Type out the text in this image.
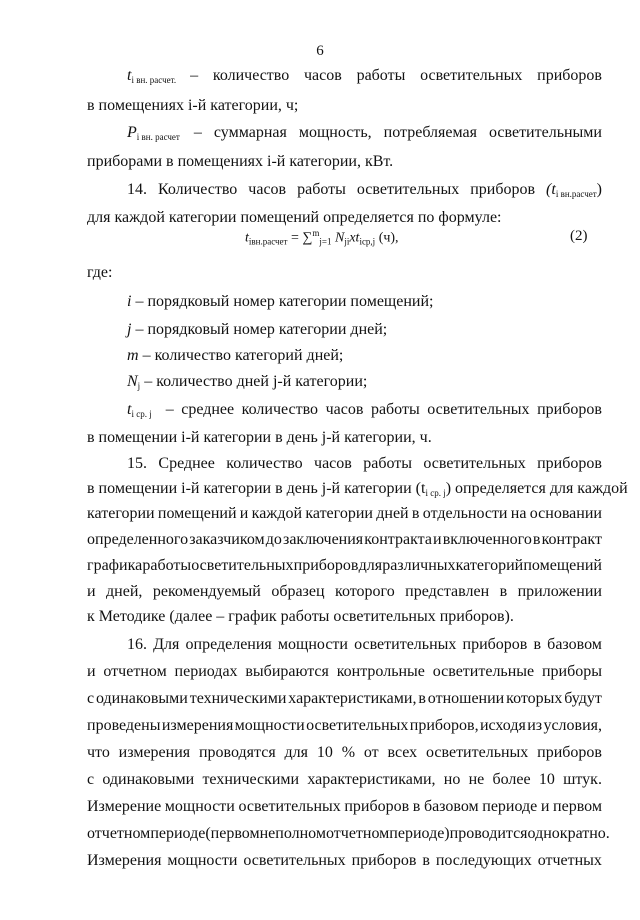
6
$t_{i вн. расчет.}$ – количество часов работы осветительных приборов
в помещениях i-й категории, ч;
$P_{i вн. расчет}$ – суммарная мощность, потребляемая осветительными
приборами в помещениях i-й категории, кВт.
14. Количество часов работы осветительных приборов $(t_{i вн.расчет})$
для каждой категории помещений определяется по формуле:
$t_{iвн.расчет} = \sum^m_{j=1}$ $N_{ji}xt_{icp,j}$ (ч),	(2)
где:
i – порядковый номер категории помещений;
j – порядковый номер категории дней;
m – количество категорий дней;
$N_j$ – количество дней j-й категории;
$t_{i ср. j}$ – среднее количество часов работы осветительных приборов
в помещении i-й категории в день j-й категории, ч.
15. Среднее количество часов работы осветительных приборов
в помещении i-й категории в день j-й категории $(t_{i ср. j})$ определяется для каждой
категории помещений и каждой категории дней в отдельности на основании
определенного заказчиком до заключения контракта и включенного в контракт
графика работы осветительных приборов для различных категорий помещений
и дней, рекомендуемый образец которого представлен в приложении
к Методике (далее – график работы осветительных приборов).
16. Для определения мощности осветительных приборов в базовом
и отчетном периодах выбираются контрольные осветительные приборы
с одинаковыми техническими характеристиками, в отношении которых будут
проведены измерения мощности осветительных приборов, исходя из условия,
что измерения проводятся для 10 % от всех осветительных приборов
с одинаковыми техническими характеристиками, но не более 10 штук.
Измерение мощности осветительных приборов в базовом периоде и первом
отчетном периоде (первом неполном отчетном периоде) проводится однократно.
Измерения мощности осветительных приборов в последующих отчетных
